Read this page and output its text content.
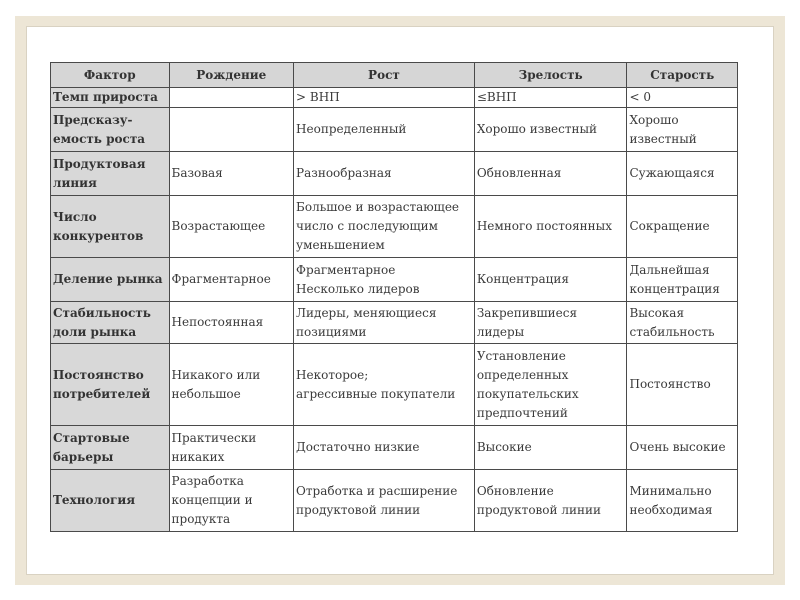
Фактор	Рождение	Рост	Зрелость	Старость

Темп прироста		> ВНП	≤ВНП	< 0

Предсказу-
емость роста		Неопределенный	Хорошо известный	Хорошо
известный

Продуктовая
линия	Базовая	Разнообразная	Обновленная	Сужающаяся

Число
конкурентов	Возрастающее	Большое и возрастающее
число с последующим
уменьшением	Немного постоянных	Сокращение

Деление рынка	Фрагментарное	Фрагментарное
Несколько лидеров	Концентрация	Дальнейшая
концентрация

Стабильность
доли рынка	Непостоянная	Лидеры, меняющиеся
позициями	Закрепившиеся
лидеры	Высокая
стабильность

Постоянство
потребителей	Никакого или
небольшое	Некоторое;
агрессивные покупатели	Установление
определенных
покупательских
предпочтений	Постоянство

Стартовые
барьеры	Практически
никаких	Достаточно низкие	Высокие	Очень высокие

Технология	Разработка
концепции и
продукта	Отработка и расширение
продуктовой линии	Обновление
продуктовой линии	Минимально
необходимая
